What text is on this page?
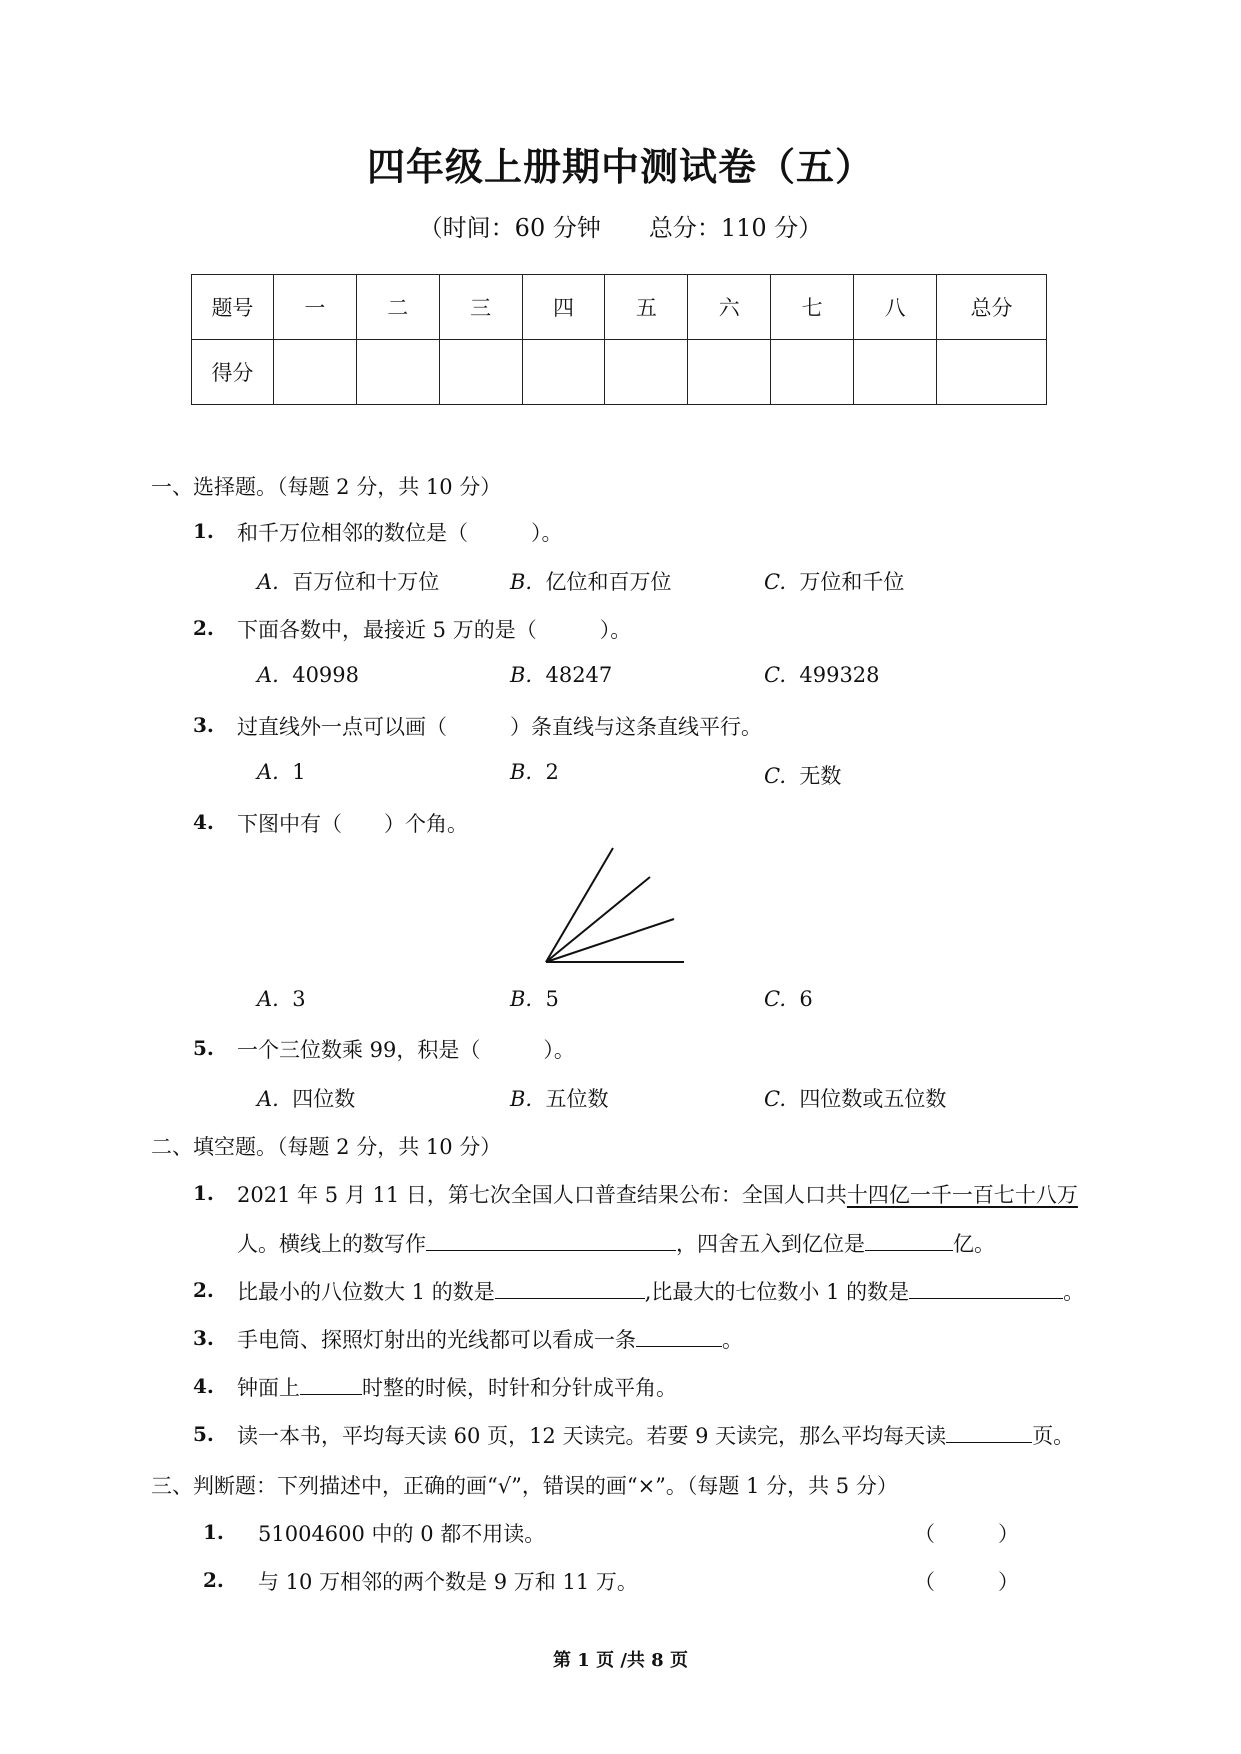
四年级上册期中测试卷（五）
（时间：60 分钟 总分：110 分）
题号	一	二	三	四	五	六	七	八	总分
得分									
一、选择题。（每题 2 分，共 10 分）
1. 和千万位相邻的数位是（　　　）。
A. 百万位和十万位	B. 亿位和百万位	C. 万位和千位
2. 下面各数中，最接近 5 万的是（　　　）。
A. 40998	B. 48247	C. 499328
3. 过直线外一点可以画（　　　）条直线与这条直线平行。
A. 1	B. 2	C. 无数
4. 下图中有（　　）个角。
A. 3	B. 5	C. 6
5. 一个三位数乘 99，积是（　　　）。
A. 四位数	B. 五位数	C. 四位数或五位数
二、填空题。（每题 2 分，共 10 分）
1. 2021 年 5 月 11 日，第七次全国人口普查结果公布：全国人口共十四亿一千一百七十八万
人。横线上的数写作	，四舍五入到亿位是	亿。
2. 比最小的八位数大 1 的数是	,比最大的七位数小 1 的数是	。
3. 手电筒、探照灯射出的光线都可以看成一条	。
4. 钟面上	时整的时候，时针和分针成平角。
5. 读一本书，平均每天读 60 页，12 天读完。若要 9 天读完，那么平均每天读	页。
三、判断题：下列描述中，正确的画“√”，错误的画“×”。（每题 1 分，共 5 分）
1. 51004600 中的 0 都不用读。	（　　　）
2. 与 10 万相邻的两个数是 9 万和 11 万。	（　　　）
第 1 页 /共 8 页
